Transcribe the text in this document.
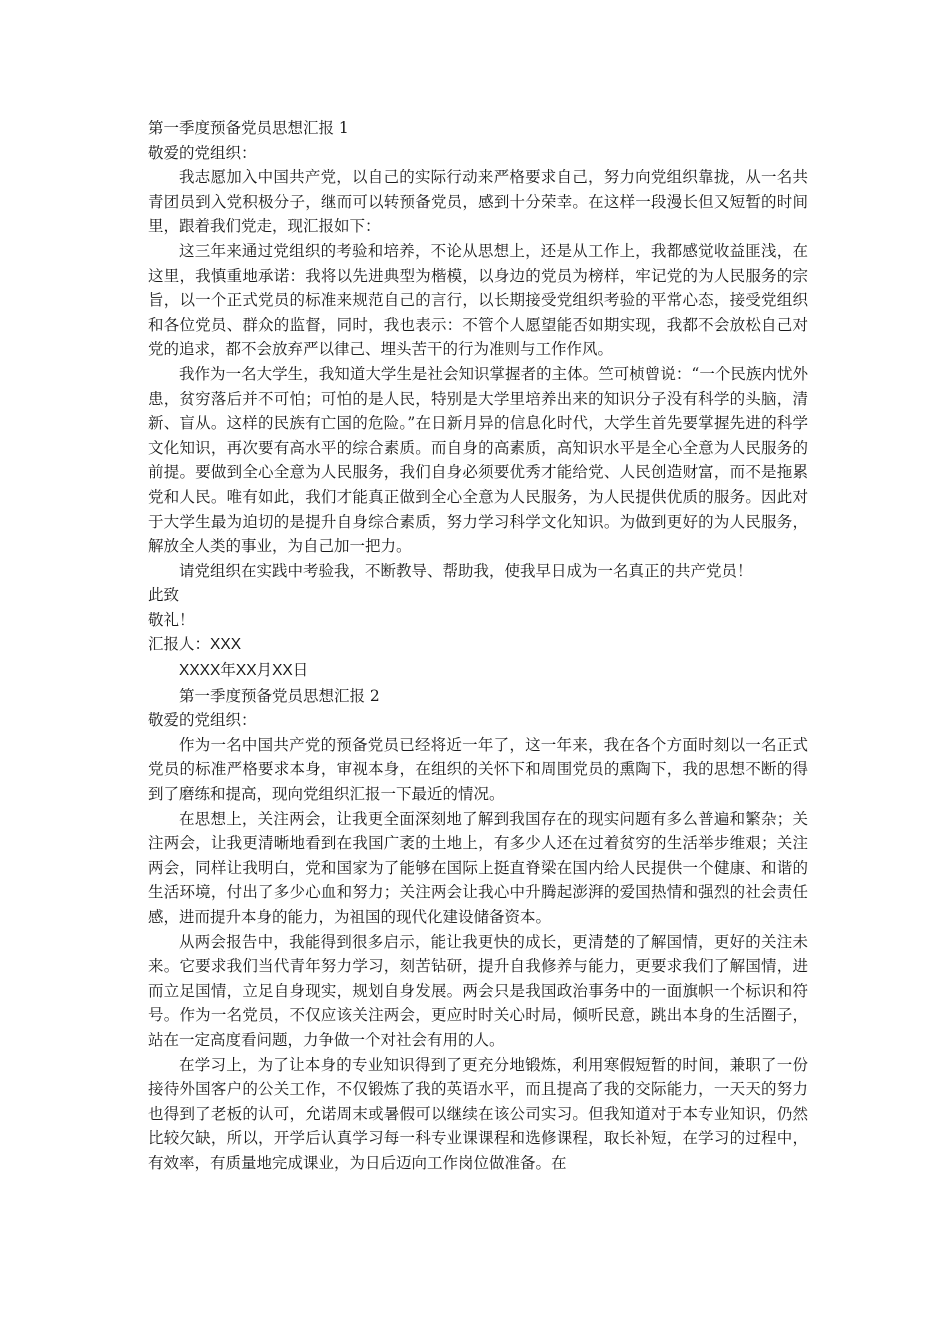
第一季度预备党员思想汇报 1
敬爱的党组织：

我志愿加入中国共产党，以自己的实际行动来严格要求自己，努力向党组织靠拢，从一名共青团员到入党积极分子，继而可以转预备党员，感到十分荣幸。在这样一段漫长但又短暂的时间里，跟着我们党走，现汇报如下：

这三年来通过党组织的考验和培养，不论从思想上，还是从工作上，我都感觉收益匪浅，在这里，我慎重地承诺：我将以先进典型为楷模，以身边的党员为榜样，牢记党的为人民服务的宗旨，以一个正式党员的标准来规范自己的言行，以长期接受党组织考验的平常心态，接受党组织和各位党员、群众的监督，同时，我也表示：不管个人愿望能否如期实现，我都不会放松自己对党的追求，都不会放弃严以律己、埋头苦干的行为准则与工作作风。

我作为一名大学生，我知道大学生是社会知识掌握者的主体。竺可桢曾说：“一个民族内忧外患，贫穷落后并不可怕；可怕的是人民，特别是大学里培养出来的知识分子没有科学的头脑，清新、盲从。这样的民族有亡国的危险。”在日新月异的信息化时代，大学生首先要掌握先进的科学文化知识，再次要有高水平的综合素质。而自身的高素质，高知识水平是全心全意为人民服务的前提。要做到全心全意为人民服务，我们自身必须要优秀才能给党、人民创造财富，而不是拖累党和人民。唯有如此，我们才能真正做到全心全意为人民服务，为人民提供优质的服务。因此对于大学生最为迫切的是提升自身综合素质，努力学习科学文化知识。为做到更好的为人民服务，解放全人类的事业，为自己加一把力。

请党组织在实践中考验我，不断教导、帮助我，使我早日成为一名真正的共产党员！

此致
敬礼！
汇报人：XXX
XXXX年XX月XX日
第一季度预备党员思想汇报 2
敬爱的党组织：

作为一名中国共产党的预备党员已经将近一年了，这一年来，我在各个方面时刻以一名正式党员的标准严格要求本身，审视本身，在组织的关怀下和周围党员的熏陶下，我的思想不断的得到了磨练和提高，现向党组织汇报一下最近的情况。

在思想上，关注两会，让我更全面深刻地了解到我国存在的现实问题有多么普遍和繁杂；关注两会，让我更清晰地看到在我国广袤的土地上，有多少人还在过着贫穷的生活举步维艰；关注两会，同样让我明白，党和国家为了能够在国际上挺直脊梁在国内给人民提供一个健康、和谐的生活环境，付出了多少心血和努力；关注两会让我心中升腾起澎湃的爱国热情和强烈的社会责任感，进而提升本身的能力，为祖国的现代化建设储备资本。

从两会报告中，我能得到很多启示，能让我更快的成长，更清楚的了解国情，更好的关注未来。它要求我们当代青年努力学习，刻苦钻研，提升自我修养与能力，更要求我们了解国情，进而立足国情，立足自身现实，规划自身发展。两会只是我国政治事务中的一面旗帜一个标识和符号。作为一名党员，不仅应该关注两会，更应时时关心时局，倾听民意，跳出本身的生活圈子，站在一定高度看问题，力争做一个对社会有用的人。

在学习上，为了让本身的专业知识得到了更充分地锻炼，利用寒假短暂的时间，兼职了一份接待外国客户的公关工作，不仅锻炼了我的英语水平，而且提高了我的交际能力，一天天的努力也得到了老板的认可，允诺周末或暑假可以继续在该公司实习。但我知道对于本专业知识，仍然比较欠缺，所以，开学后认真学习每一科专业课课程和选修课程，取长补短，在学习的过程中，有效率，有质量地完成课业，为日后迈向工作岗位做准备。在
